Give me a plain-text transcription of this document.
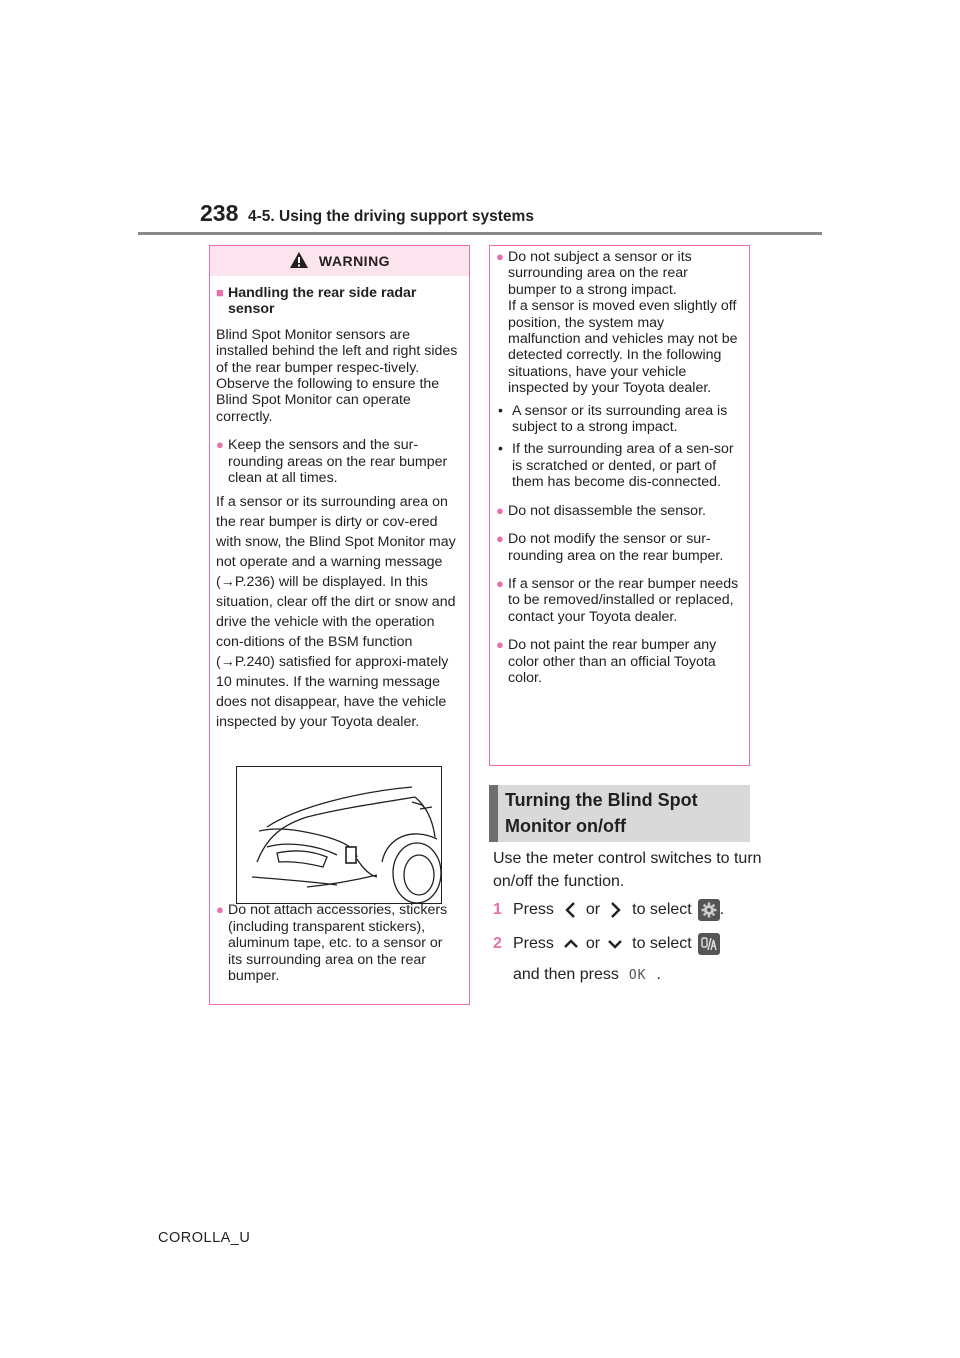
238 4-5. Using the driving support systems
WARNING
■ Handling the rear side radar sensor

Blind Spot Monitor sensors are installed behind the left and right sides of the rear bumper respec-tively. Observe the following to ensure the Blind Spot Monitor can operate correctly.

● Keep the sensors and the sur-rounding areas on the rear bumper clean at all times.

If a sensor or its surrounding area on the rear bumper is dirty or cov-ered with snow, the Blind Spot Monitor may not operate and a warning message (→P.236) will be displayed. In this situation, clear off the dirt or snow and drive the vehicle with the operation con-ditions of the BSM function (→P.240) satisfied for approxi-mately 10 minutes. If the warning message does not disappear, have the vehicle inspected by your Toyota dealer.

● Do not attach accessories, stickers (including transparent stickers), aluminum tape, etc. to a sensor or its surrounding area on the rear bumper.
● Do not subject a sensor or its surrounding area on the rear bumper to a strong impact.

If a sensor is moved even slightly off position, the system may malfunction and vehicles may not be detected correctly. In the following situations, have your vehicle inspected by your Toyota dealer.

• A sensor or its surrounding area is subject to a strong impact.
• If the surrounding area of a sen-sor is scratched or dented, or part of them has become dis-connected.
● Do not disassemble the sensor.
● Do not modify the sensor or sur-rounding area on the rear bumper.
● If a sensor or the rear bumper needs to be removed/installed or replaced, contact your Toyota dealer.
● Do not paint the rear bumper any color other than an official Toyota color.
Turning the Blind Spot
Monitor on/off
Use the meter control switches to turn on/off the function.
1 Press	or	to select .
2 Press	or	to select
and then press OK .
COROLLA_U
